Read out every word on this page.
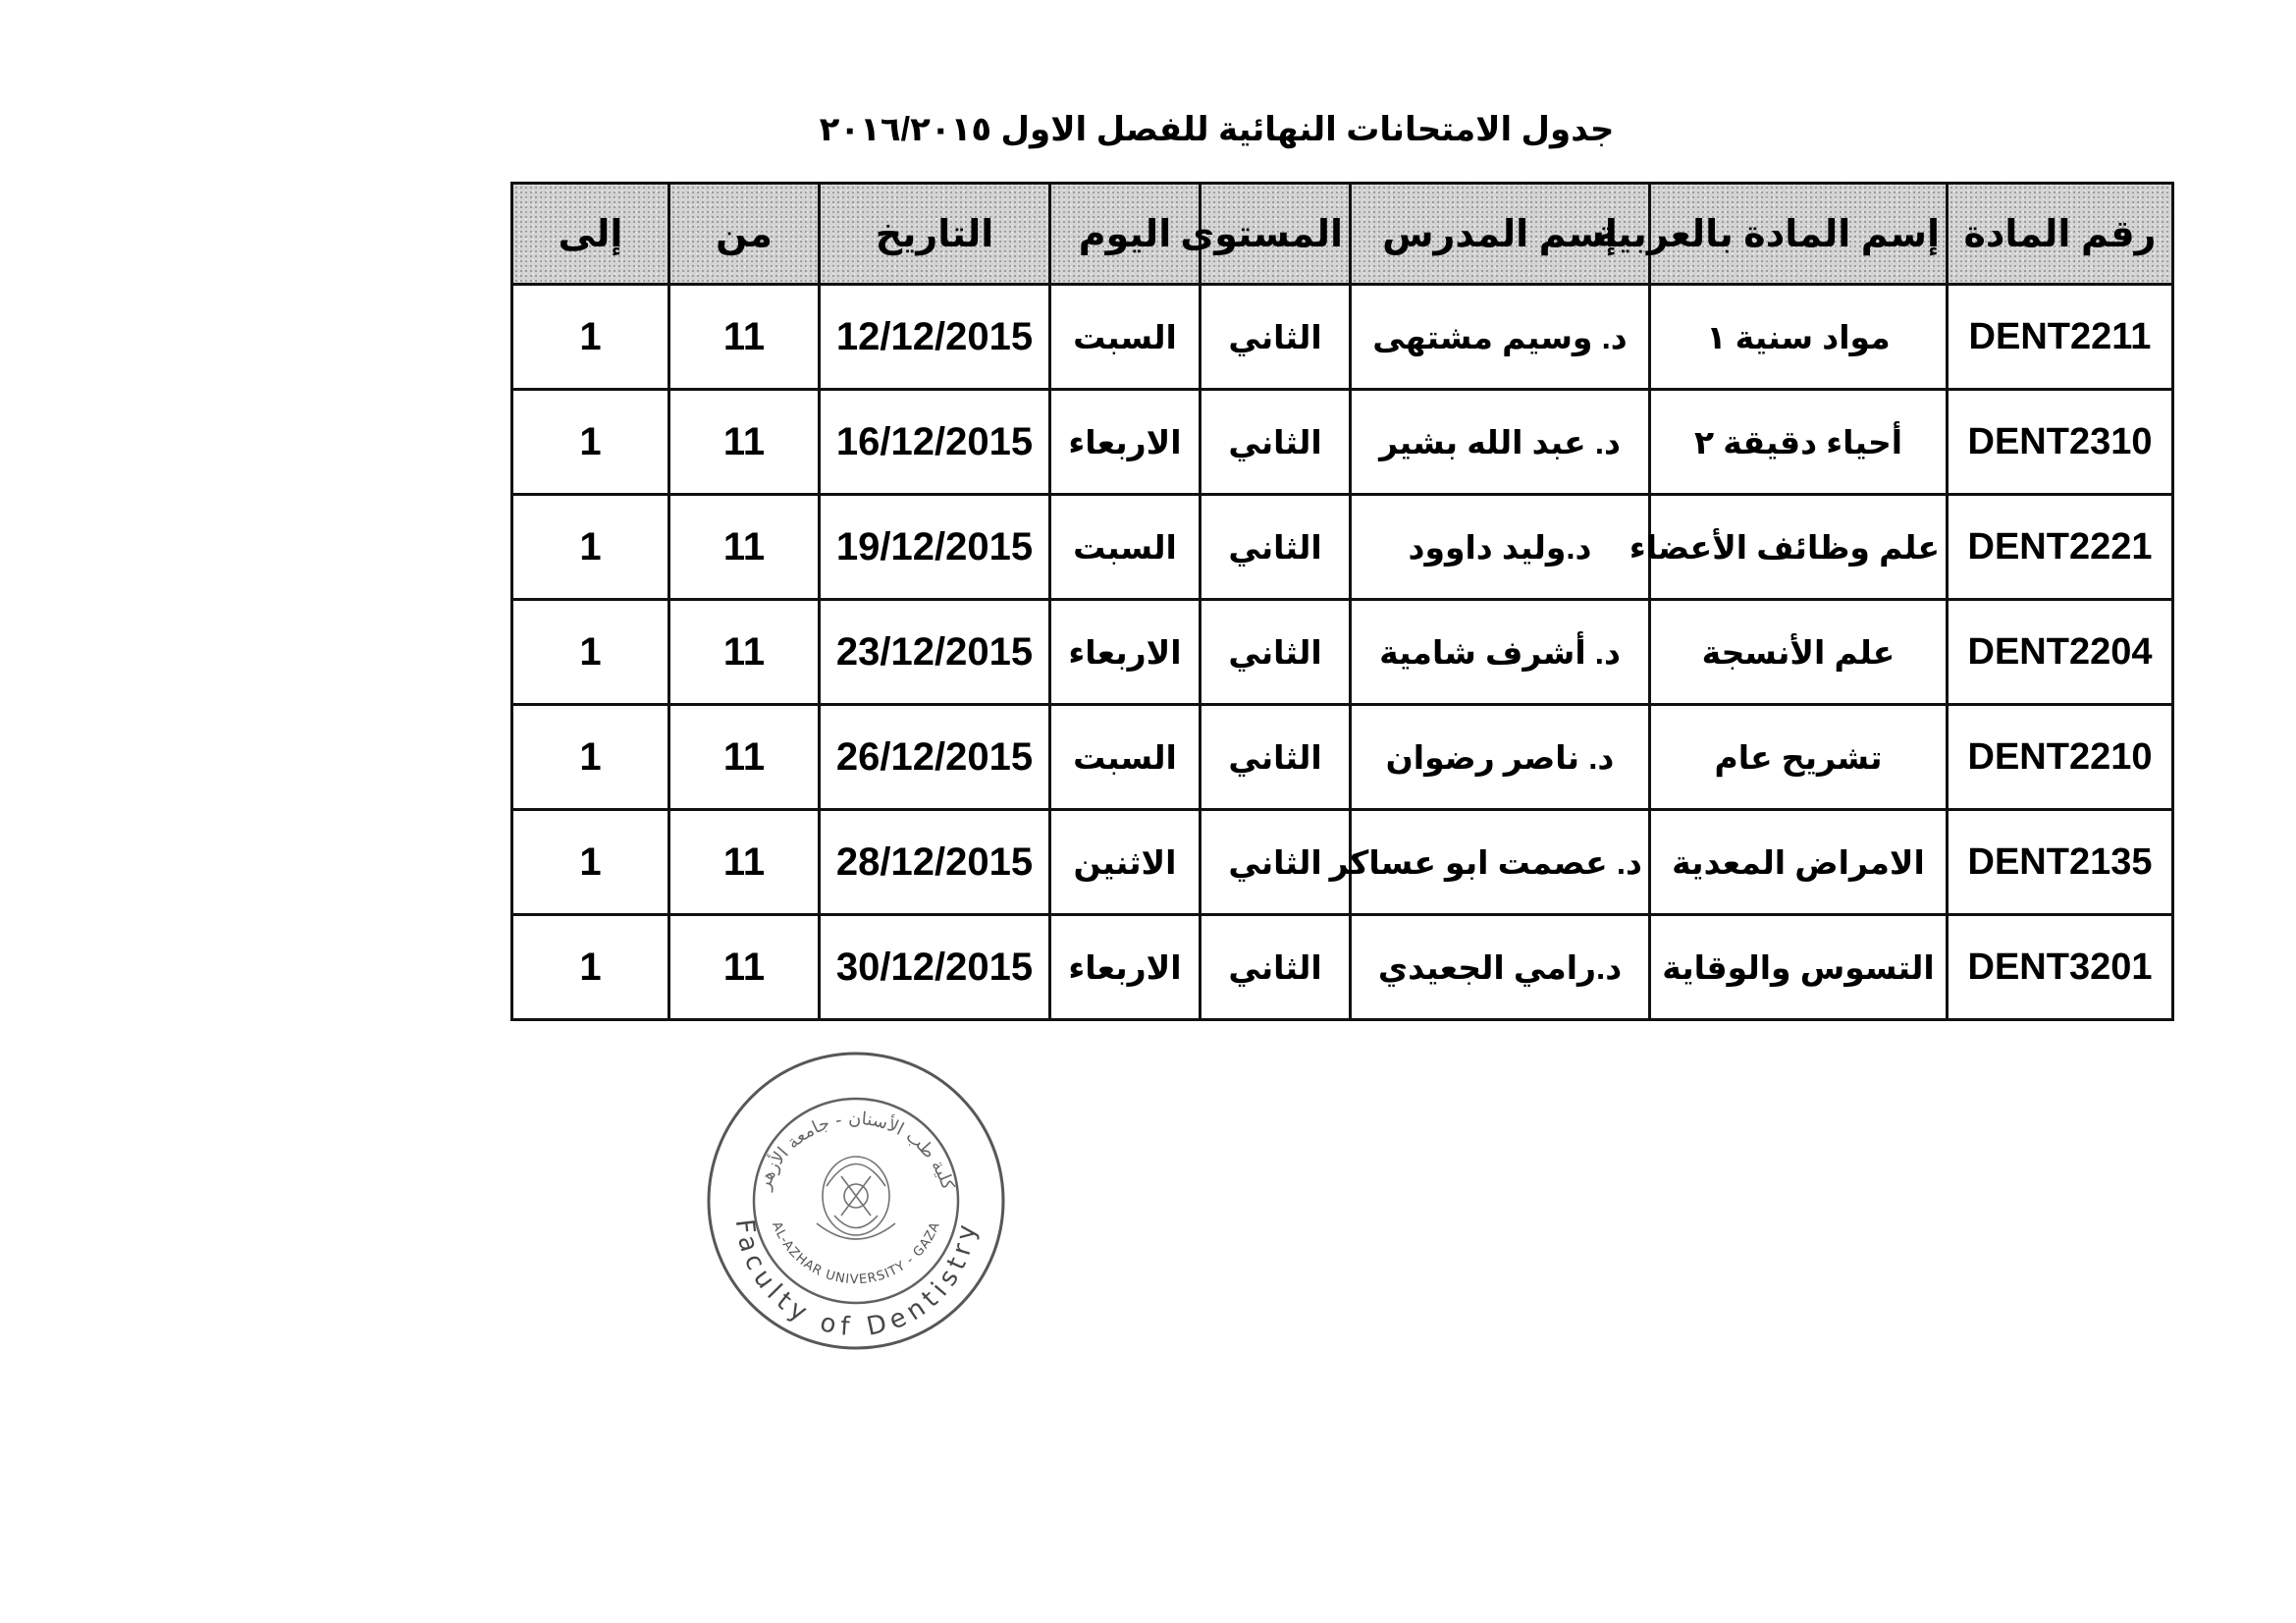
جدول الامتحانات النهائية للفصل الاول ٢٠١٦/٢٠١٥
رقم المادة	إسم المادة بالعربية	إسم المدرس	المستوى	اليوم	التاريخ	من	إلى
DENT2211	مواد سنية ١	د. وسيم مشتهى	الثاني	السبت	12/12/2015	11	1
DENT2310	أحياء دقيقة ٢	د. عبد الله بشير	الثاني	الاربعاء	16/12/2015	11	1
DENT2221	علم وظائف الأعضاء	د.وليد داوود	الثاني	السبت	19/12/2015	11	1
DENT2204	علم الأنسجة	د. أشرف شامية	الثاني	الاربعاء	23/12/2015	11	1
DENT2210	تشريح عام	د. ناصر رضوان	الثاني	السبت	26/12/2015	11	1
DENT2135	الامراض المعدية	د. عصمت ابو عساكر	الثاني	الاثنين	28/12/2015	11	1
DENT3201	التسوس والوقاية	د.رامي الجعيدي	الثاني	الاربعاء	30/12/2015	11	1
Faculty of Dentistry
AL-AZHAR UNIVERSITY - GAZA
كلية طب الأسنان - جامعة الأزهر
